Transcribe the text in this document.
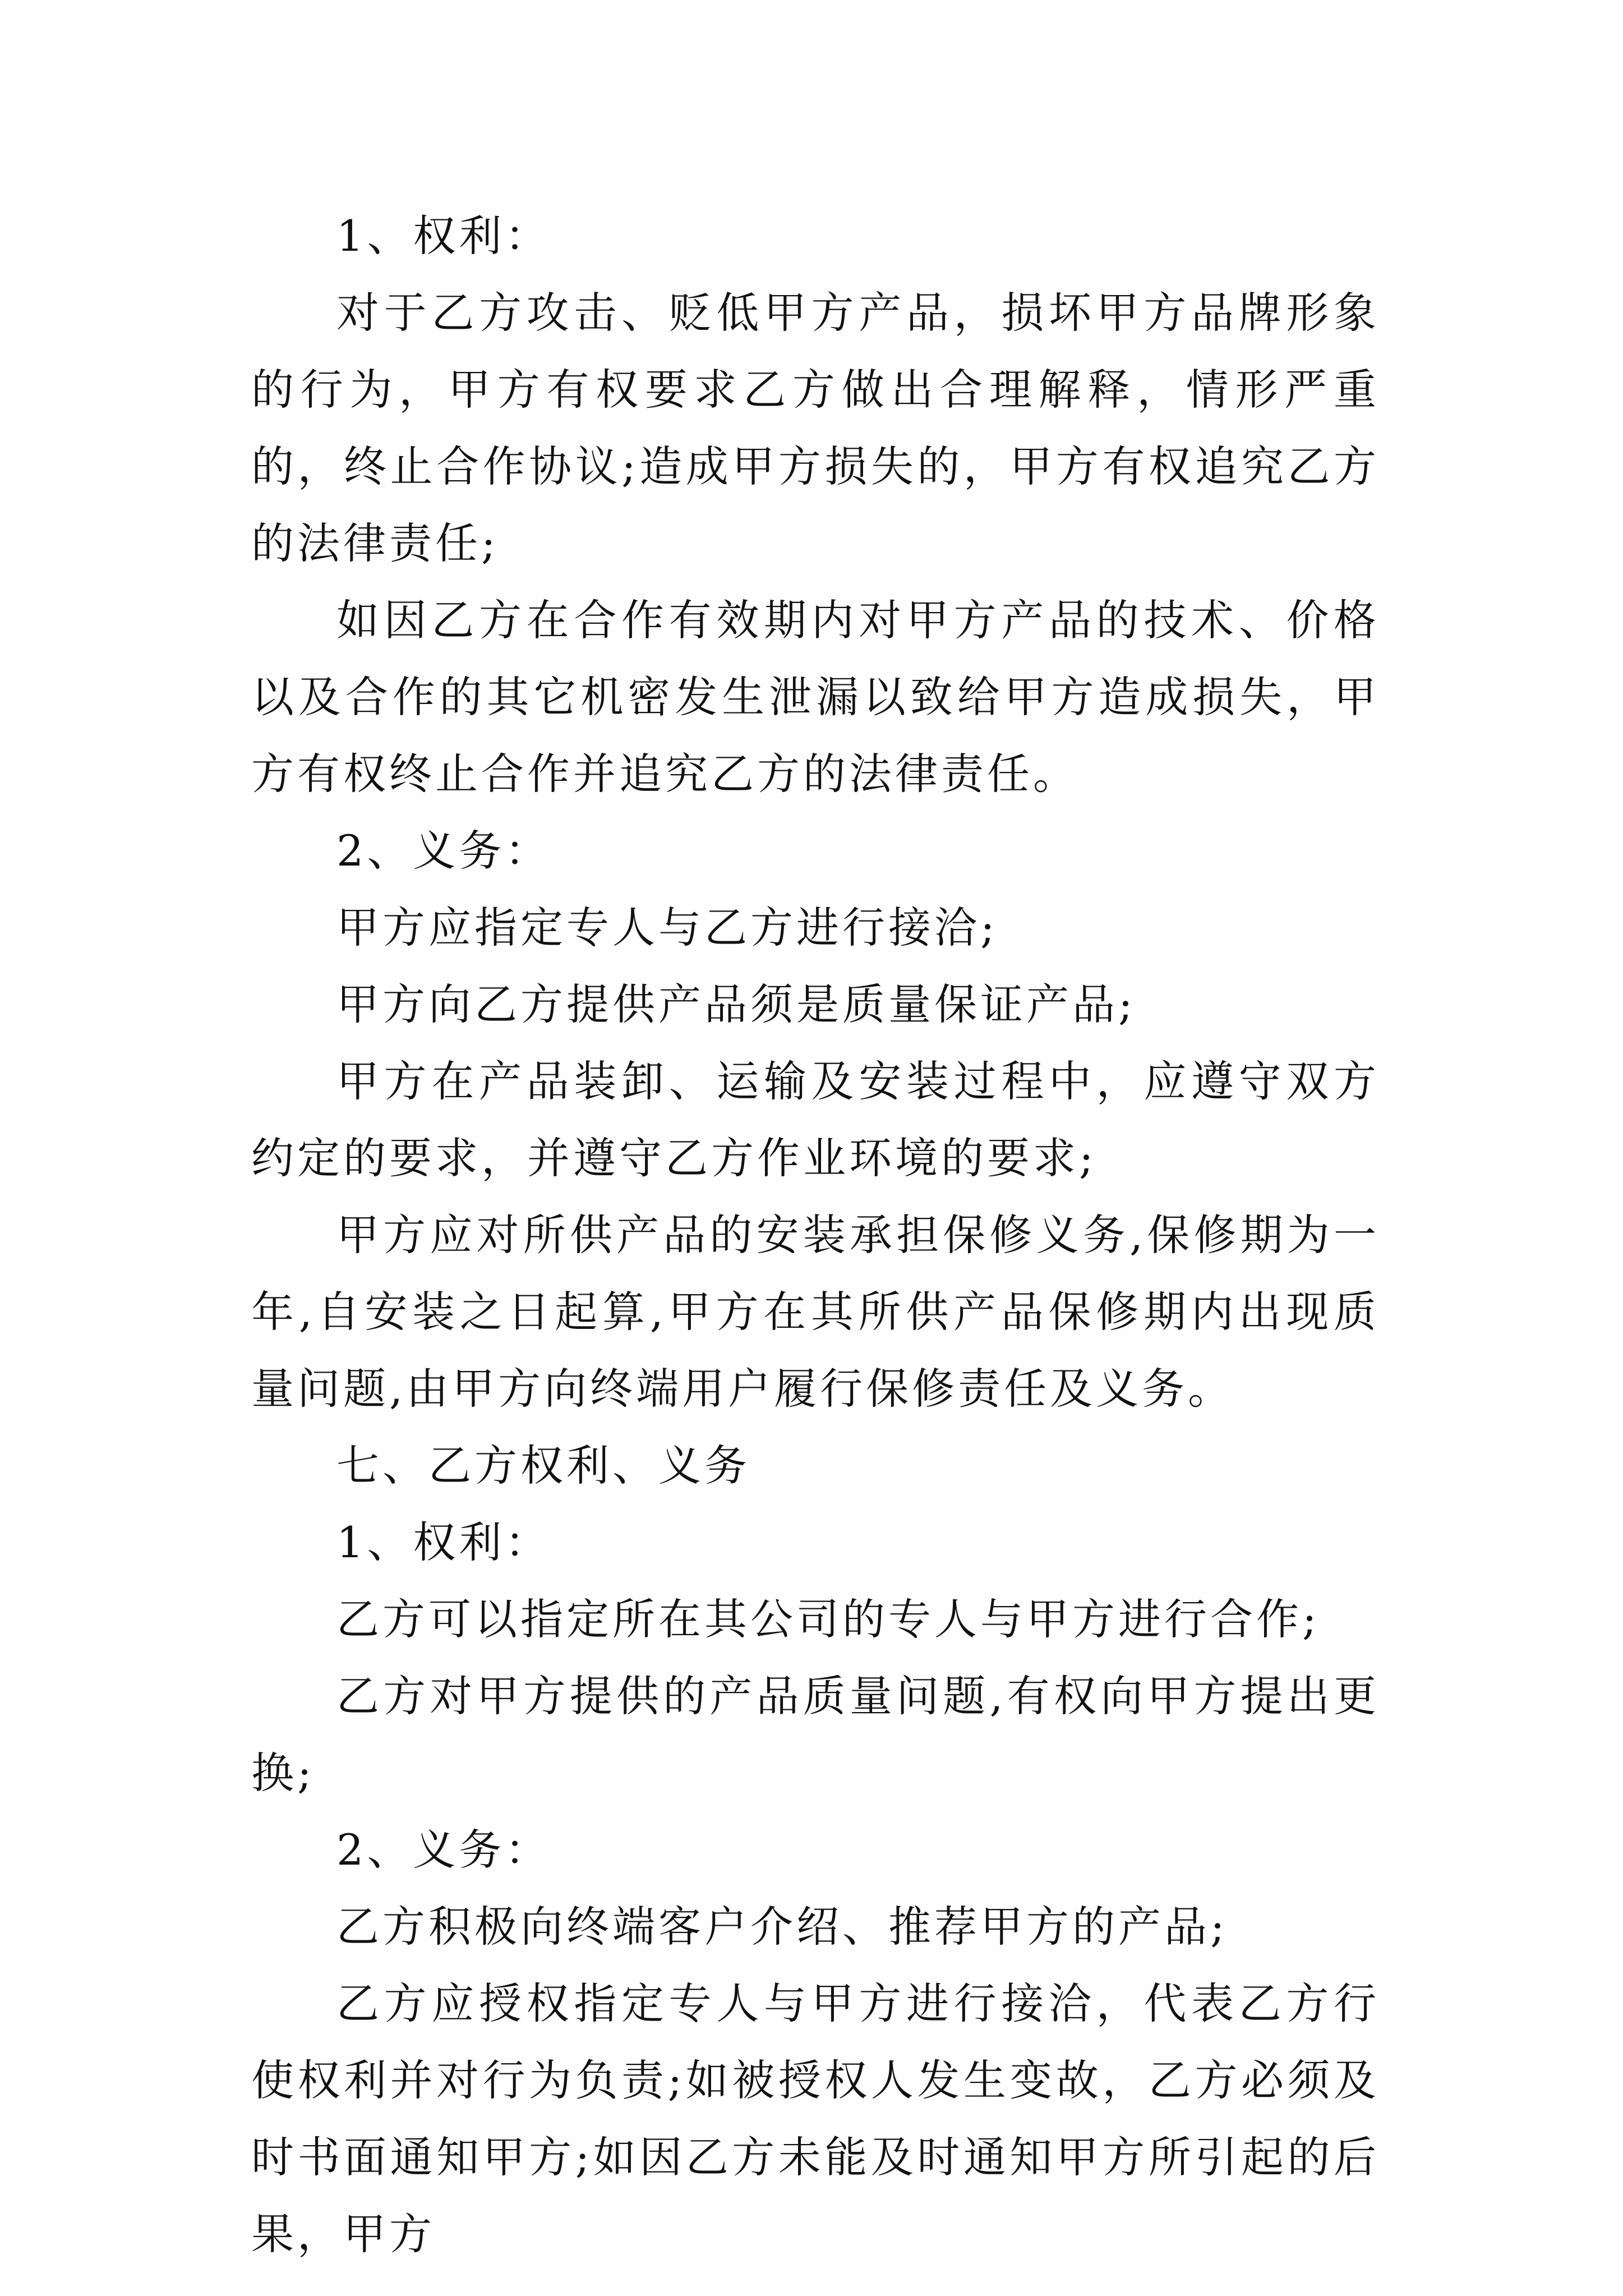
1、权利：

对于乙方攻击、贬低甲方产品，损坏甲方品牌形象的行为，甲方有权要求乙方做出合理解释，情形严重的，终止合作协议;造成甲方损失的，甲方有权追究乙方的法律责任;

如因乙方在合作有效期内对甲方产品的技术、价格以及合作的其它机密发生泄漏以致给甲方造成损失，甲方有权终止合作并追究乙方的法律责任。

2、义务：

甲方应指定专人与乙方进行接洽;

甲方向乙方提供产品须是质量保证产品;

甲方在产品装卸、运输及安装过程中，应遵守双方约定的要求，并遵守乙方作业环境的要求;

甲方应对所供产品的安装承担保修义务,保修期为一年,自安装之日起算,甲方在其所供产品保修期内出现质量问题,由甲方向终端用户履行保修责任及义务。

七、乙方权利、义务

1、权利：

乙方可以指定所在其公司的专人与甲方进行合作;

乙方对甲方提供的产品质量问题,有权向甲方提出更换;

2、义务：

乙方积极向终端客户介绍、推荐甲方的产品;

乙方应授权指定专人与甲方进行接洽，代表乙方行使权利并对行为负责;如被授权人发生变故，乙方必须及时书面通知甲方;如因乙方未能及时通知甲方所引起的后果，甲方
